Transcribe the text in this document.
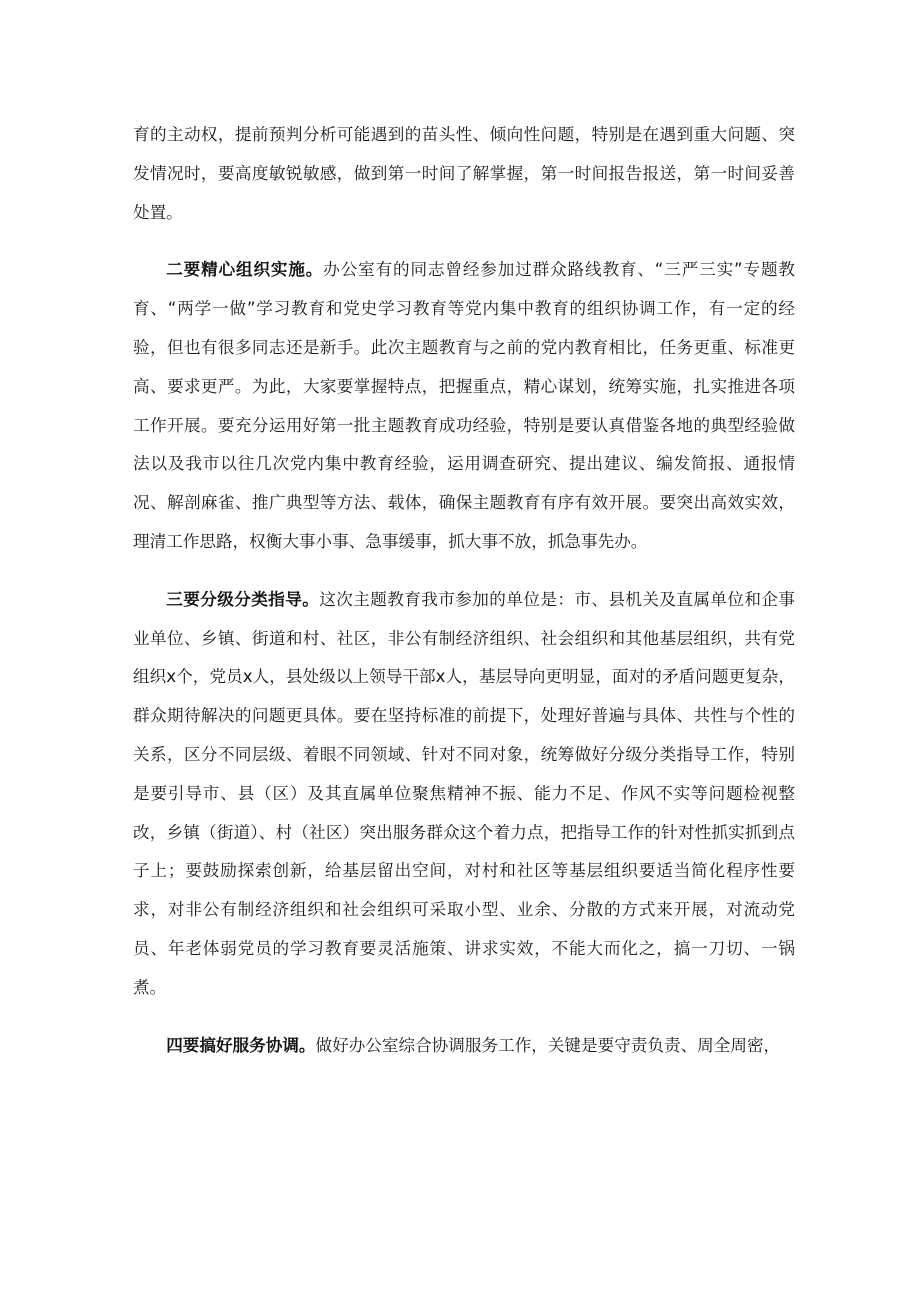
育的主动权，提前预判分析可能遇到的苗头性、倾向性问题，特别是在遇到重大问题、突发情况时，要高度敏锐敏感，做到第一时间了解掌握，第一时间报告报送，第一时间妥善处置。

二要精心组织实施。办公室有的同志曾经参加过群众路线教育、“三严三实”专题教育、“两学一做”学习教育和党史学习教育等党内集中教育的组织协调工作，有一定的经验，但也有很多同志还是新手。此次主题教育与之前的党内教育相比，任务更重、标准更高、要求更严。为此，大家要掌握特点，把握重点，精心谋划，统筹实施，扎实推进各项工作开展。要充分运用好第一批主题教育成功经验，特别是要认真借鉴各地的典型经验做法以及我市以往几次党内集中教育经验，运用调查研究、提出建议、编发简报、通报情况、解剖麻雀、推广典型等方法、载体，确保主题教育有序有效开展。要突出高效实效，理清工作思路，权衡大事小事、急事缓事，抓大事不放，抓急事先办。

三要分级分类指导。这次主题教育我市参加的单位是：市、县机关及直属单位和企事业单位、乡镇、街道和村、社区，非公有制经济组织、社会组织和其他基层组织，共有党组织x个，党员x人，县处级以上领导干部x人，基层导向更明显，面对的矛盾问题更复杂，群众期待解决的问题更具体。要在坚持标准的前提下，处理好普遍与具体、共性与个性的关系，区分不同层级、着眼不同领域、针对不同对象，统筹做好分级分类指导工作，特别是要引导市、县（区）及其直属单位聚焦精神不振、能力不足、作风不实等问题检视整改，乡镇（街道）、村（社区）突出服务群众这个着力点，把指导工作的针对性抓实抓到点子上；要鼓励探索创新，给基层留出空间，对村和社区等基层组织要适当简化程序性要求，对非公有制经济组织和社会组织可采取小型、业余、分散的方式来开展，对流动党员、年老体弱党员的学习教育要灵活施策、讲求实效，不能大而化之，搞一刀切、一锅煮。

四要搞好服务协调。做好办公室综合协调服务工作，关键是要守责负责、周全周密，
